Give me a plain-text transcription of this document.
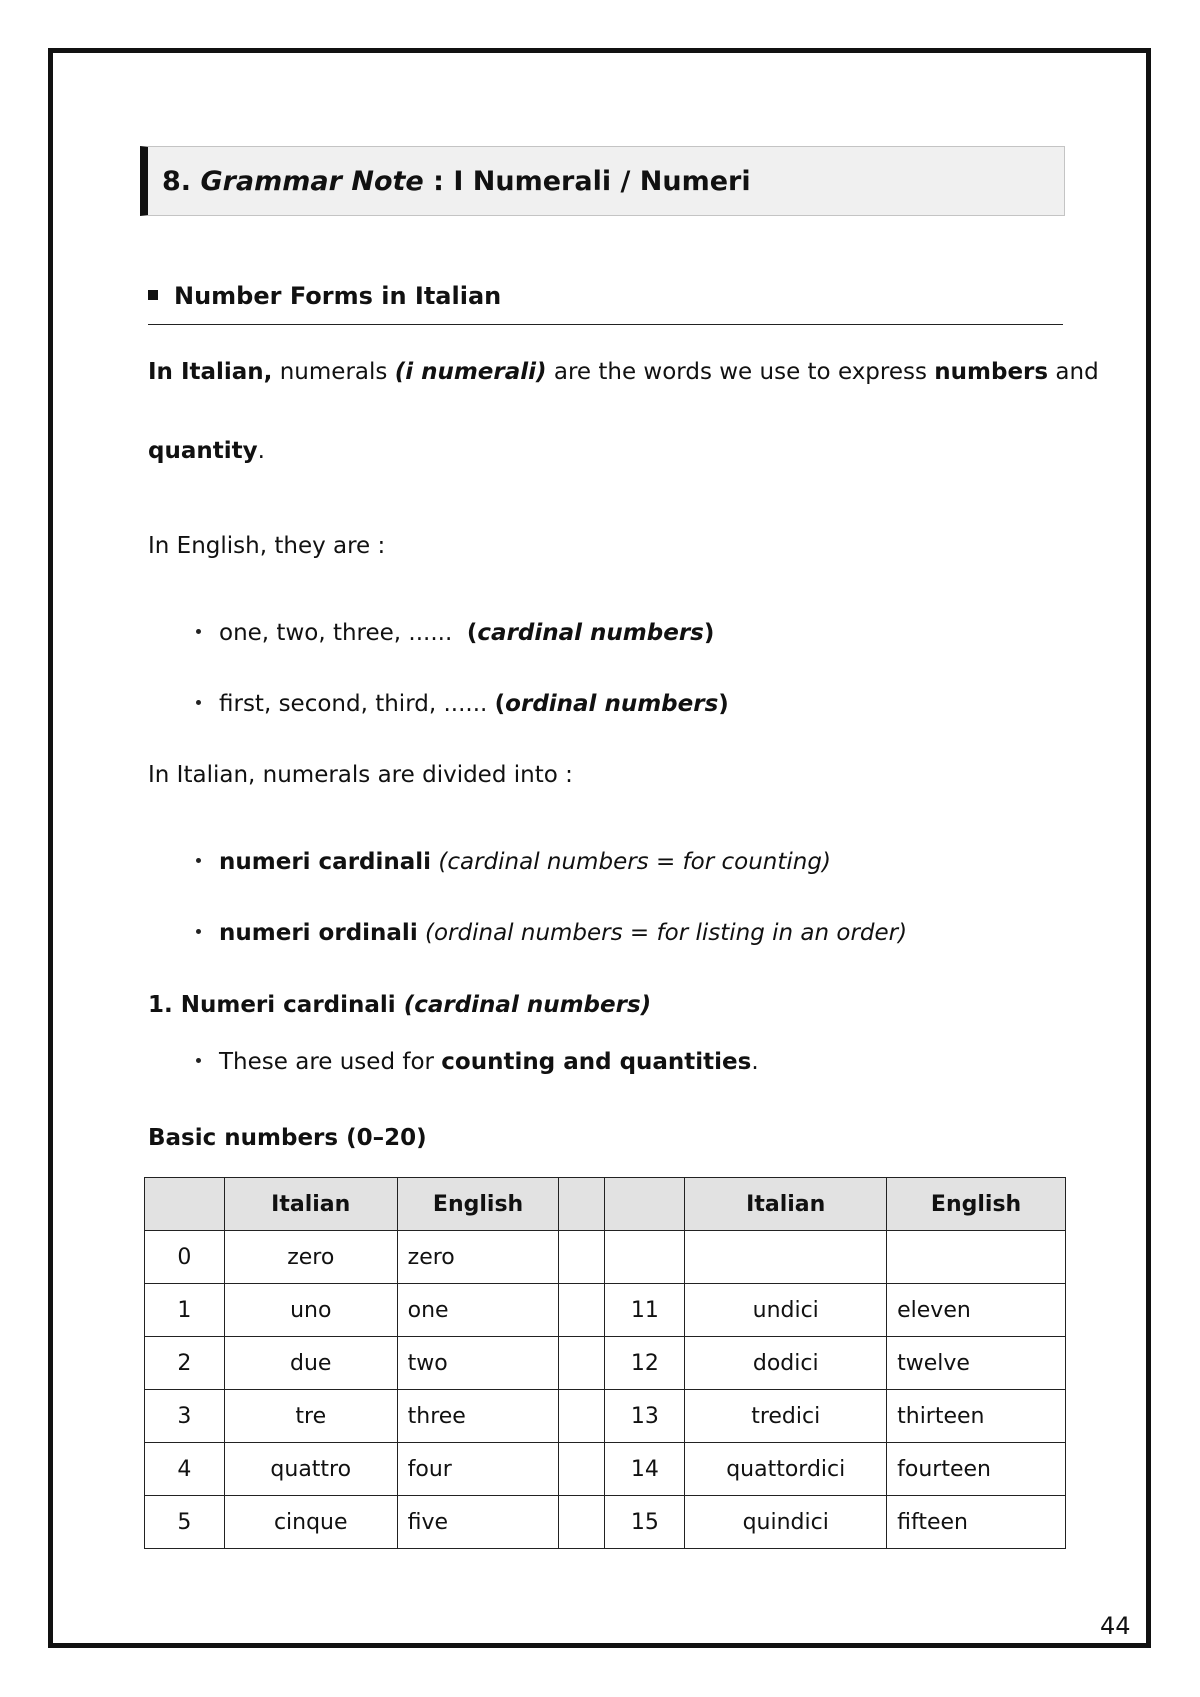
8.
Grammar Note : I Numerali / Numeri
Number Forms in Italian
In Italian, numerals (i numerali) are the words we use to express numbers and
quantity.
In English, they are :
one, two, three, ......  (cardinal numbers)
first, second, third, ...... (ordinal numbers)
In Italian, numerals are divided into :
numeri cardinali (cardinal numbers = for counting)
numeri ordinali (ordinal numbers = for listing in an order)
1. Numeri cardinali (cardinal numbers)
These are used for counting and quantities.
Basic numbers (0–20)
	Italian	English			Italian	English
0	zero	zero				
1	uno	one		11	undici	eleven
2	due	two		12	dodici	twelve
3	tre	three		13	tredici	thirteen
4	quattro	four		14	quattordici	fourteen
5	cinque	five		15	quindici	fifteen
44
